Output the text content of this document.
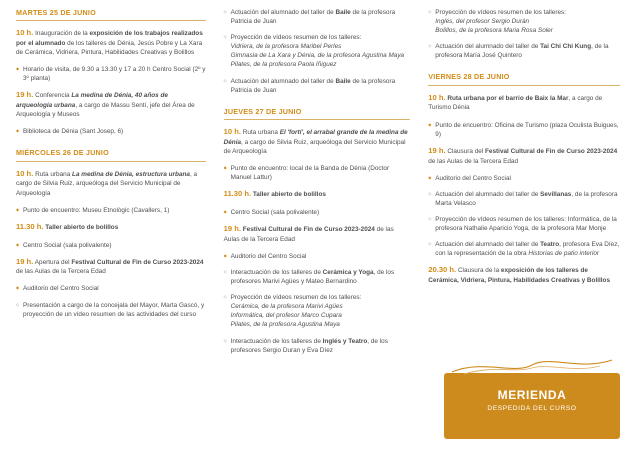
MARTES 25 DE JUNIO
10 h. Inauguración de la exposición de los trabajos realizados por el alumnado de los talleres de Dénia, Jesús Pobre y La Xara de Cerámica, Vidriera, Pintura, Habilidades Creativas y Bolillos
◆ Horario de visita, de 9.30 a 13.30 y 17 a 20 h Centro Social (2º y 3º planta)
19 h. Conferencia La medina de Dénia, 40 años de arqueología urbana, a cargo de Massu Sentí, jefe del Área de Arqueología y Museos
◆ Biblioteca de Dénia (Sant Josep, 6)
MIÉRCOLES 26 DE JUNIO
10 h. Ruta urbana La medina de Dénia, estructura urbana, a cargo de Silvia Ruiz, arqueóloga del Servicio Municipal de Arqueología
◆ Punto de encuentro: Museu Etnològic (Cavallers, 1)
11.30 h. Taller abierto de bolillos
◆ Centro Social (sala polivalente)
19 h. Apertura del Festival Cultural de Fin de Curso 2023-2024 de las Aulas de la Tercera Edad
◆ Auditorio del Centro Social
◇ Presentación a cargo de la concejala del Mayor, Marta Gascó, y proyección de un vídeo resumen de las actividades del curso
◇ Actuación del alumnado del taller de Baile de la profesora Patricia de Juan
◇ Proyección de vídeos resumen de los talleres:
Vidriera, de la profesora Maribel Perles
Gimnasia de La Xara y Dénia, de la profesora Agustina Maya
Pilates, de la profesora Paola Iñiguez
◇ Actuación del alumnado del taller de Baile de la profesora Patricia de Juan
JUEVES 27 DE JUNIO
10 h. Ruta urbana El 'fortí', el arrabal grande de la medina de Dénia, a cargo de Silvia Ruiz, arqueóloga del Servicio Municipal de Arqueología
◆ Punto de encuentro: local de la Banda de Dénia (Doctor Manuel Lattur)
11.30 h. Taller abierto de bolillos
◆ Centro Social (sala polivalente)
19 h. Festival Cultural de Fin de Curso 2023-2024 de las Aulas de la Tercera Edad
◆ Auditorio del Centro Social
◇ Interactuación de los talleres de Cerámica y Yoga, de los profesores Marivi Agües y Mateo Bernardino
◇ Proyección de vídeos resumen de los talleres:
Cerámica, de la profesora Marivi Agües
Informática, del profesor Marco Cupara
Pilates, de la profesora Agustina Maya
◇ Interactuación de los talleres de Inglés y Teatro, de los profesores Sergio Duran y Eva Díez
◇ Proyección de vídeos resumen de los talleres:
Inglés, del profesor Sergio Durán
Bolillos, de la profesora Maria Rosa Soler
◇ Actuación del alumnado del taller de Tai Chi Chi Kung, de la profesora María José Quintero
VIERNES 28 DE JUNIO
10 h. Ruta urbana por el barrio de Baix la Mar, a cargo de Turismo Dénia
◆ Punto de encuentro: Oficina de Turismo (plaza Oculista Buigues, 9)
19 h. Clausura del Festival Cultural de Fin de Curso 2023-2024 de las Aulas de la Tercera Edad
◆ Auditorio del Centro Social
◇ Actuación del alumnado del taller de Sevillanas, de la profesora Marta Velasco
◇ Proyección de vídeos resumen de los talleres: Informática, de la profesora Nathalie Aparicio Yoga, de la profesora Mar Monje
◇ Actuación del alumnado del taller de Teatro, profesora Eva Díez, con la representación de la obra Historias de patio interior
20.30 h. Clausura de la exposición de los talleres de Cerámica, Vidriera, Pintura, Habilidades Creativas y Bolillos
MERIENDA
DESPEDIDA DEL CURSO
